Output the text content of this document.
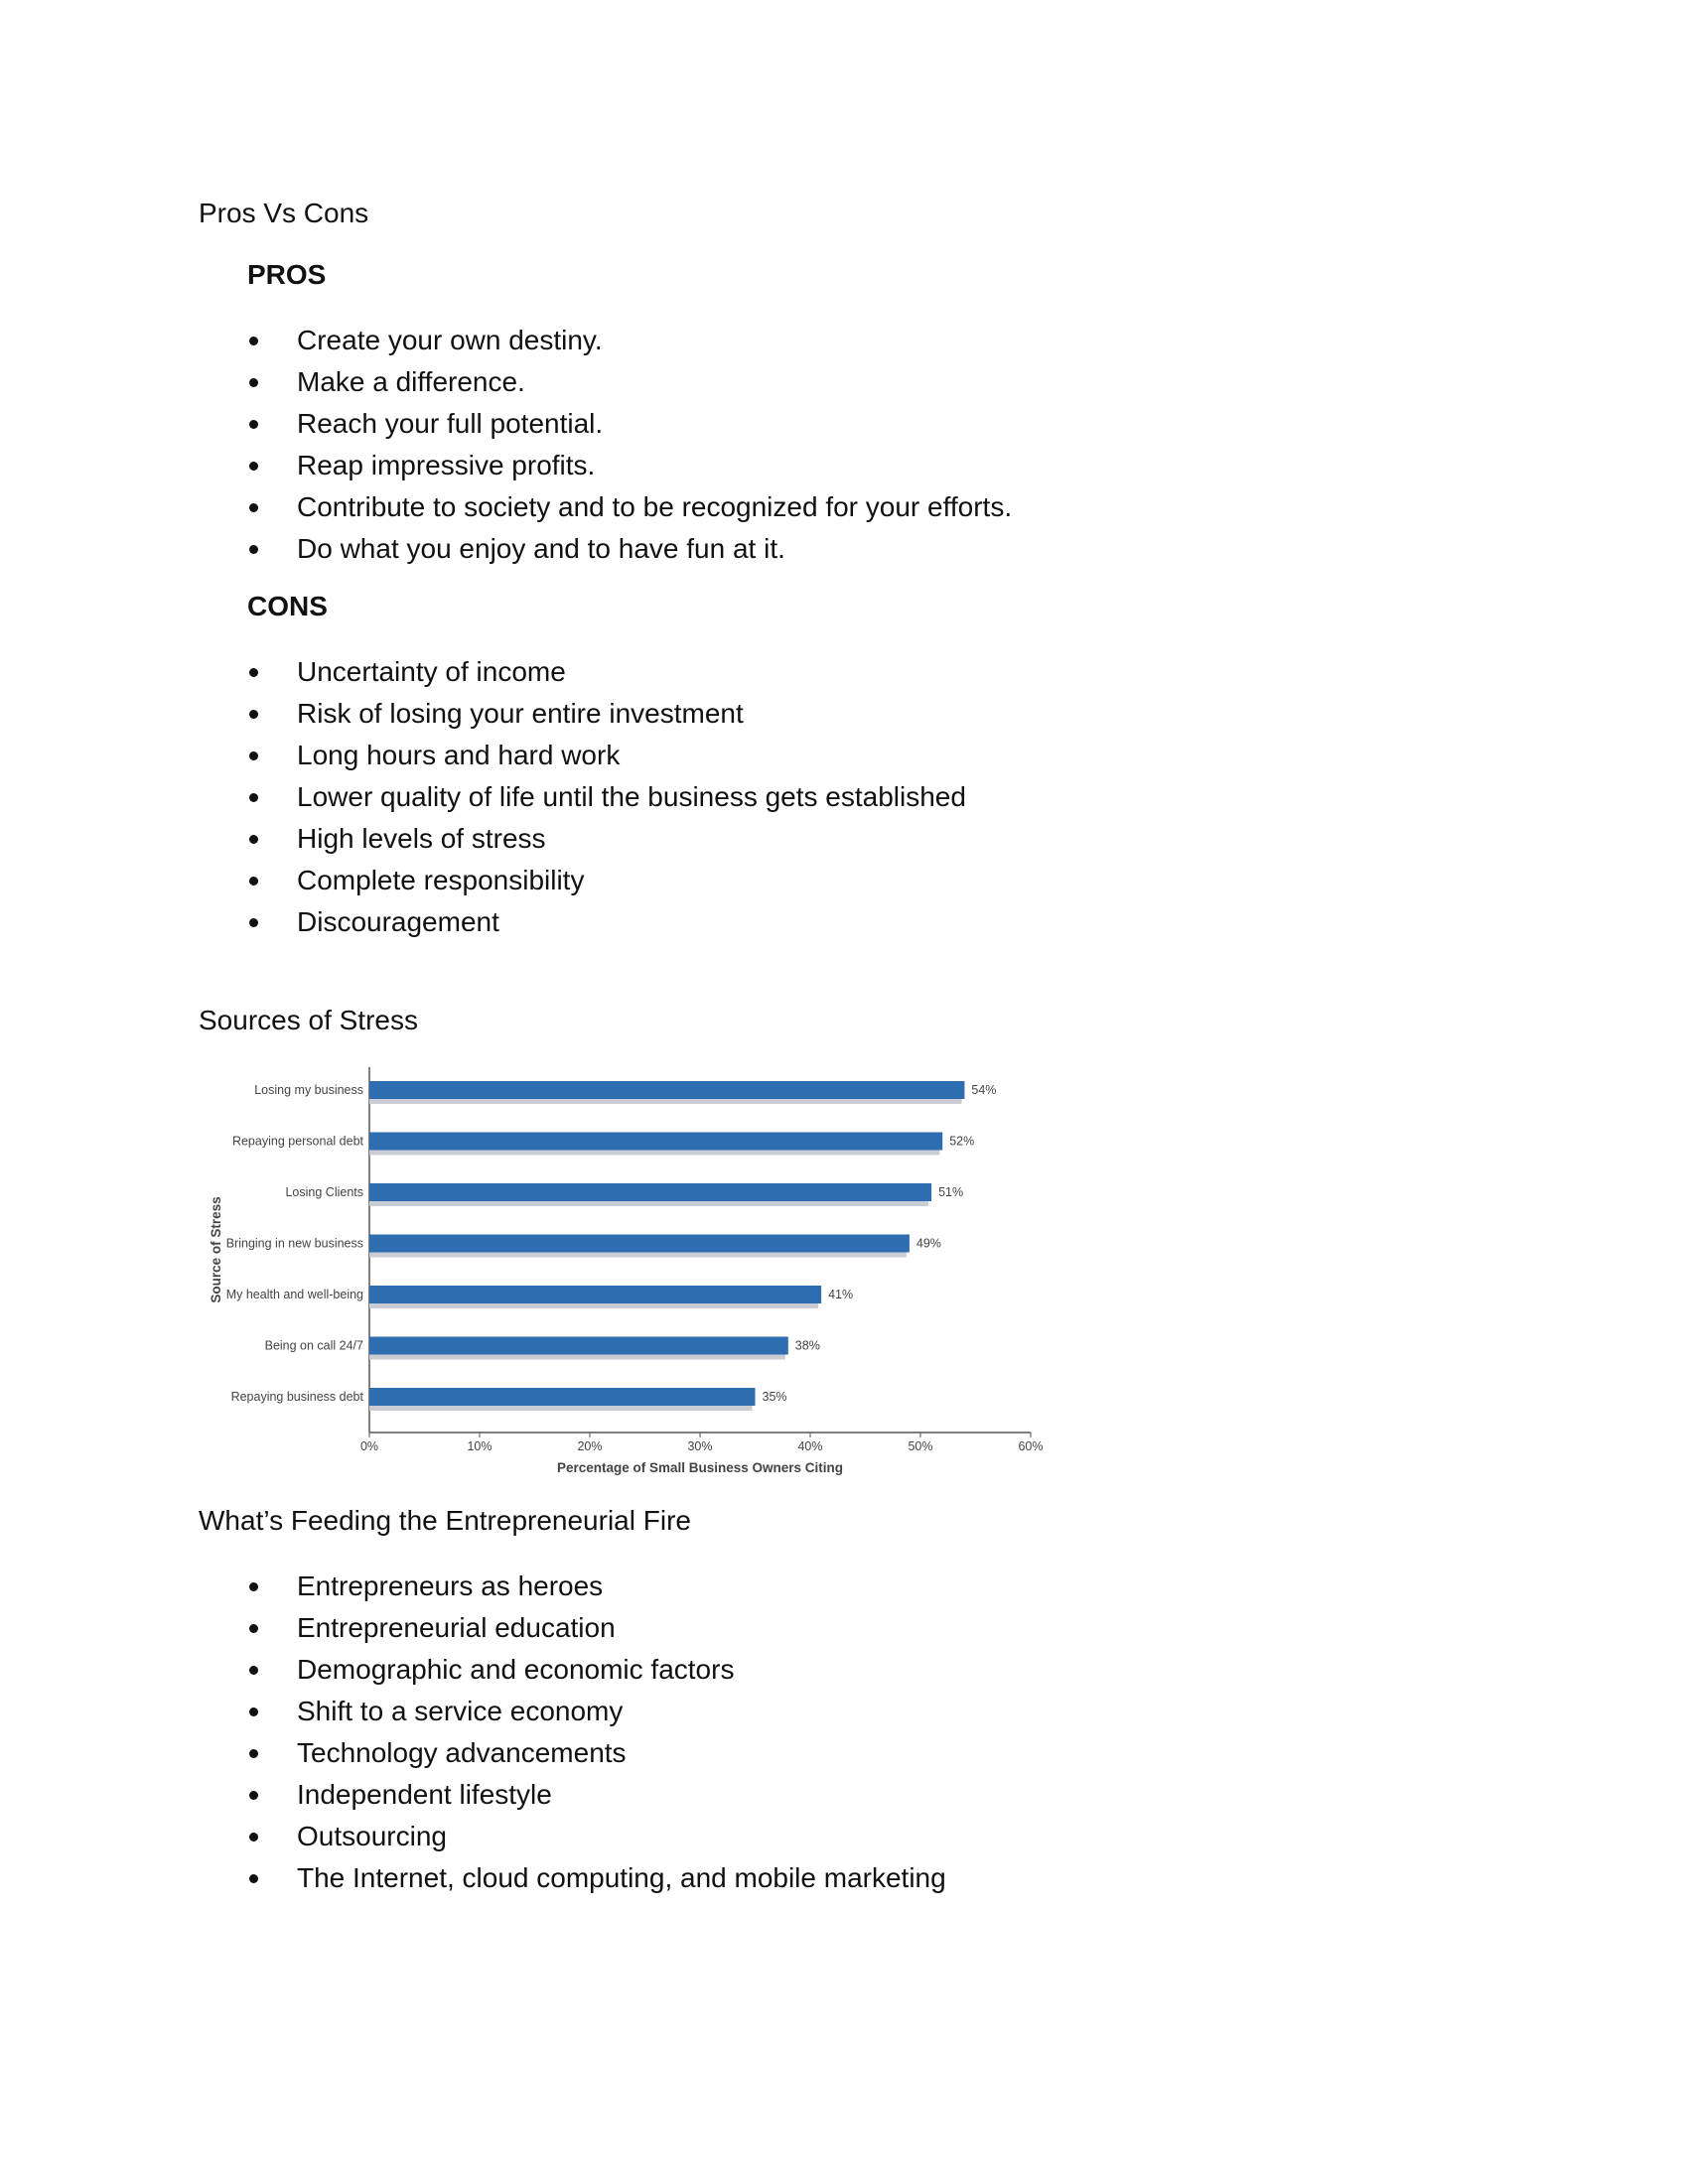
Pros Vs Cons
PROS
Create your own destiny.
Make a difference.
Reach your full potential.
Reap impressive profits.
Contribute to society and to be recognized for your efforts.
Do what you enjoy and to have fun at it.
CONS
Uncertainty of income
Risk of losing your entire investment
Long hours and hard work
Lower quality of life until the business gets established
High levels of stress
Complete responsibility
Discouragement
Sources of Stress
Losing my business	54%
Repaying personal debt	52%
Losing Clients	51%
Bringing in new business	49%
My health and well-being	41%
Being on call 24/7	38%
Repaying business debt	35%
0%	10%	20%	30%	40%	50%	60%
Percentage of Small Business Owners Citing
Source of Stress
What’s Feeding the Entrepreneurial Fire
Entrepreneurs as heroes
Entrepreneurial education
Demographic and economic factors
Shift to a service economy
Technology advancements
Independent lifestyle
Outsourcing
The Internet, cloud computing, and mobile marketing
